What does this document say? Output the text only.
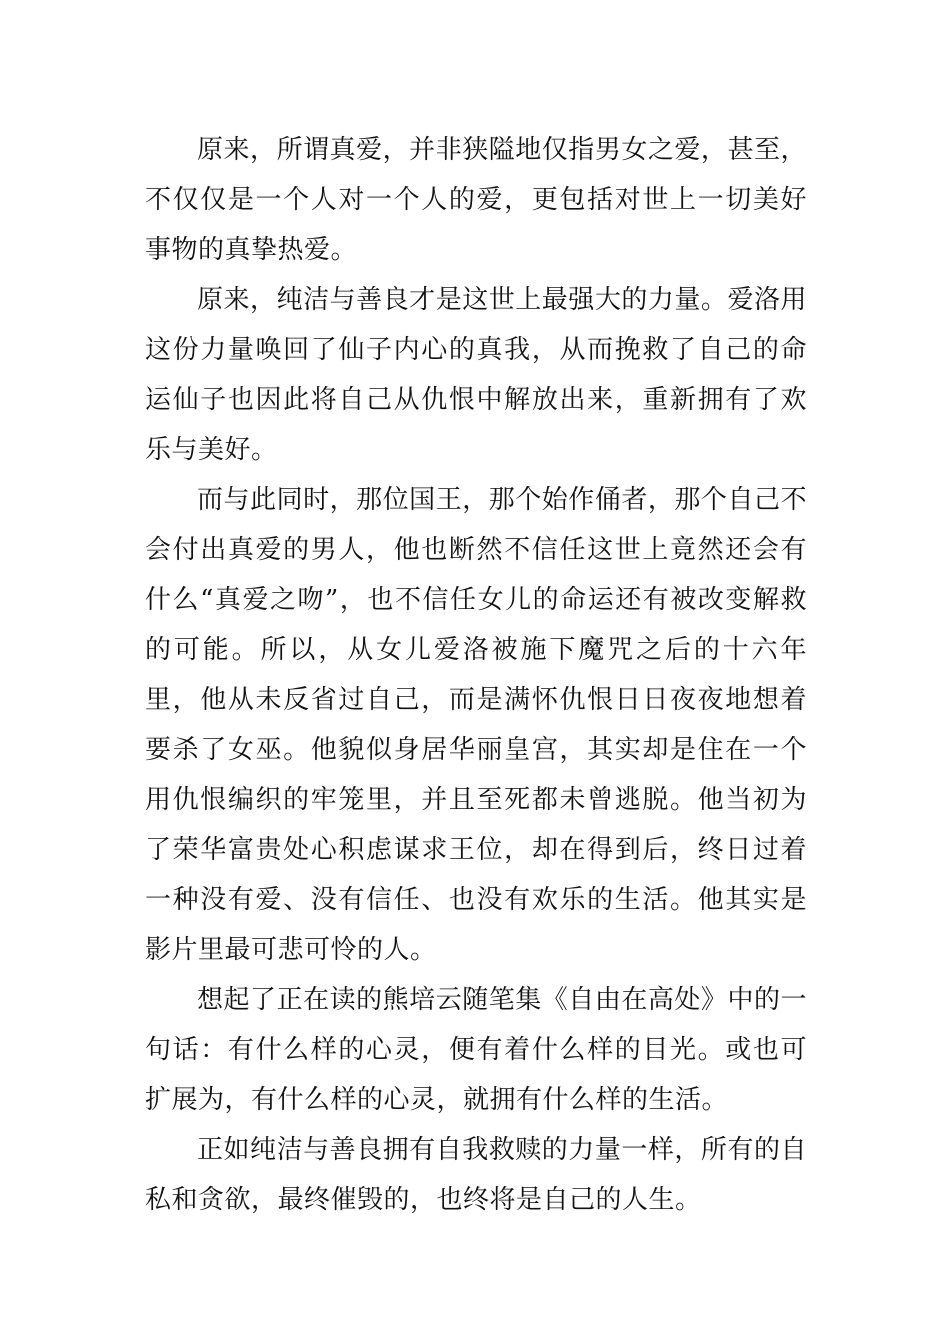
原来，所谓真爱，并非狭隘地仅指男女之爱，甚至，不仅仅是一个人对一个人的爱，更包括对世上一切美好事物的真挚热爱。

原来，纯洁与善良才是这世上最强大的力量。爱洛用这份力量唤回了仙子内心的真我，从而挽救了自己的命运仙子也因此将自己从仇恨中解放出来，重新拥有了欢乐与美好。

而与此同时，那位国王，那个始作俑者，那个自己不会付出真爱的男人，他也断然不信任这世上竟然还会有什么“真爱之吻”，也不信任女儿的命运还有被改变解救的可能。所以，从女儿爱洛被施下魔咒之后的十六年里，他从未反省过自己，而是满怀仇恨日日夜夜地想着要杀了女巫。他貌似身居华丽皇宫，其实却是住在一个用仇恨编织的牢笼里，并且至死都未曾逃脱。他当初为了荣华富贵处心积虑谋求王位，却在得到后，终日过着一种没有爱、没有信任、也没有欢乐的生活。他其实是影片里最可悲可怜的人。

想起了正在读的熊培云随笔集《自由在高处》中的一句话：有什么样的心灵，便有着什么样的目光。或也可扩展为，有什么样的心灵，就拥有什么样的生活。

正如纯洁与善良拥有自我救赎的力量一样，所有的自私和贪欲，最终催毁的，也终将是自己的人生。
